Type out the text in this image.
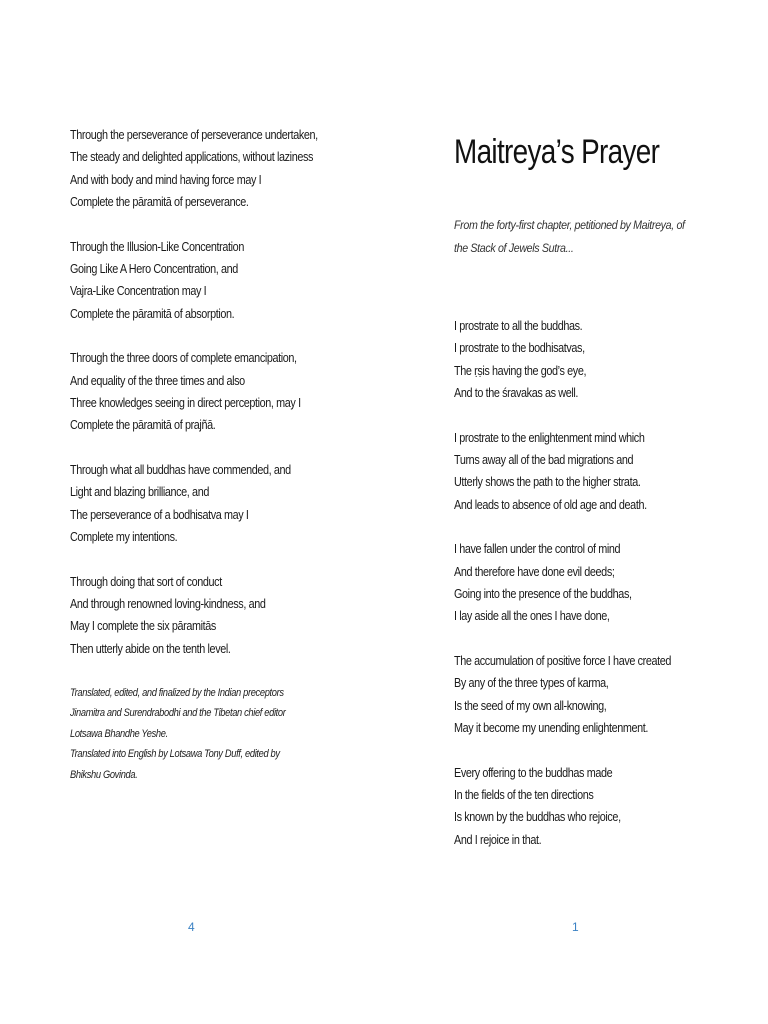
Through the perseverance of perseverance undertaken,
The steady and delighted applications, without laziness
And with body and mind having force may I
Complete the pāramitā of perseverance.
Through the Illusion-Like Concentration
Going Like A Hero Concentration, and
Vajra-Like Concentration may I
Complete the pāramitā of absorption.
Through the three doors of complete emancipation,
And equality of the three times and also
Three knowledges seeing in direct perception, may I
Complete the pāramitā of prajñā.
Through what all buddhas have commended, and
Light and blazing brilliance, and
The perseverance of a bodhisatva may I
Complete my intentions.
Through doing that sort of conduct
And through renowned loving-kindness, and
May I complete the six pāramitās
Then utterly abide on the tenth level.
Translated, edited, and finalized by the Indian preceptors
Jinamitra and Surendrabodhi and the Tibetan chief editor
Lotsawa Bhandhe Yeshe.
Translated into English by Lotsawa Tony Duff, edited by
Bhikshu Govinda.
4
Maitreya’s Prayer
From the forty-first chapter, petitioned by Maitreya, of
the Stack of Jewels Sutra...
I prostrate to all the buddhas.
I prostrate to the bodhisatvas,
The ṛṣis having the god’s eye,
And to the śravakas as well.
I prostrate to the enlightenment mind which
Turns away all of the bad migrations and
Utterly shows the path to the higher strata.
And leads to absence of old age and death.
I have fallen under the control of mind
And therefore have done evil deeds;
Going into the presence of the buddhas,
I lay aside all the ones I have done,
The accumulation of positive force I have created
By any of the three types of karma,
Is the seed of my own all-knowing,
May it become my unending enlightenment.
Every offering to the buddhas made
In the fields of the ten directions
Is known by the buddhas who rejoice,
And I rejoice in that.
1
